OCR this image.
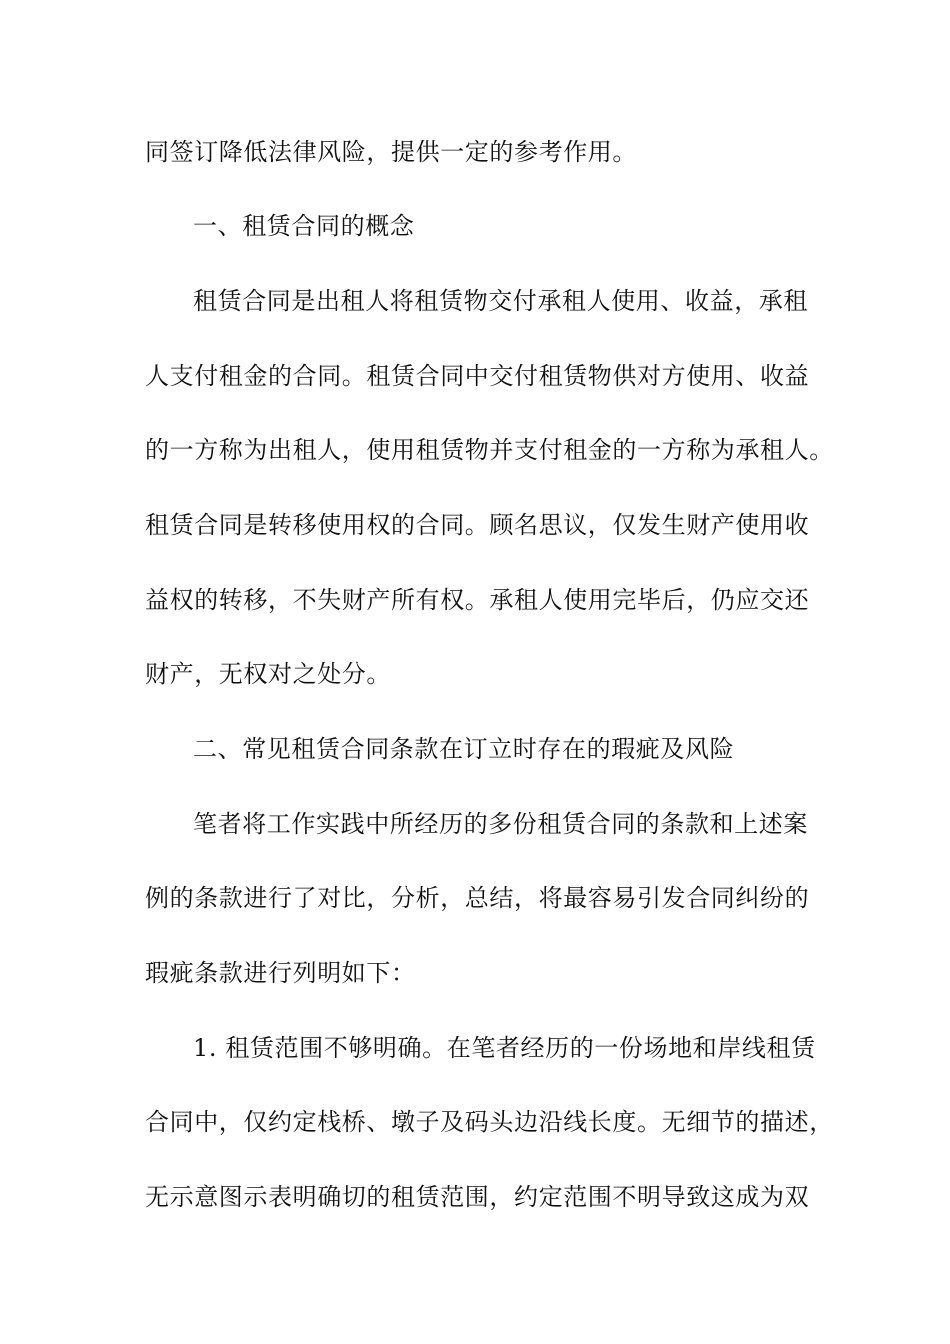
同签订降低法律风险，提供一定的参考作用。
一、租赁合同的概念
租赁合同是出租人将租赁物交付承租人使用、收益，承租
人支付租金的合同。租赁合同中交付租赁物供对方使用、收益
的一方称为出租人，使用租赁物并支付租金的一方称为承租人。
租赁合同是转移使用权的合同。顾名思议，仅发生财产使用收
益权的转移，不失财产所有权。承租人使用完毕后，仍应交还
财产，无权对之处分。
二、常见租赁合同条款在订立时存在的瑕疵及风险
笔者将工作实践中所经历的多份租赁合同的条款和上述案
例的条款进行了对比，分析，总结，将最容易引发合同纠纷的
瑕疵条款进行列明如下：
1. 租赁范围不够明确。在笔者经历的一份场地和岸线租赁
合同中，仅约定栈桥、墩子及码头边沿线长度。无细节的描述，
无示意图示表明确切的租赁范围，约定范围不明导致这成为双
